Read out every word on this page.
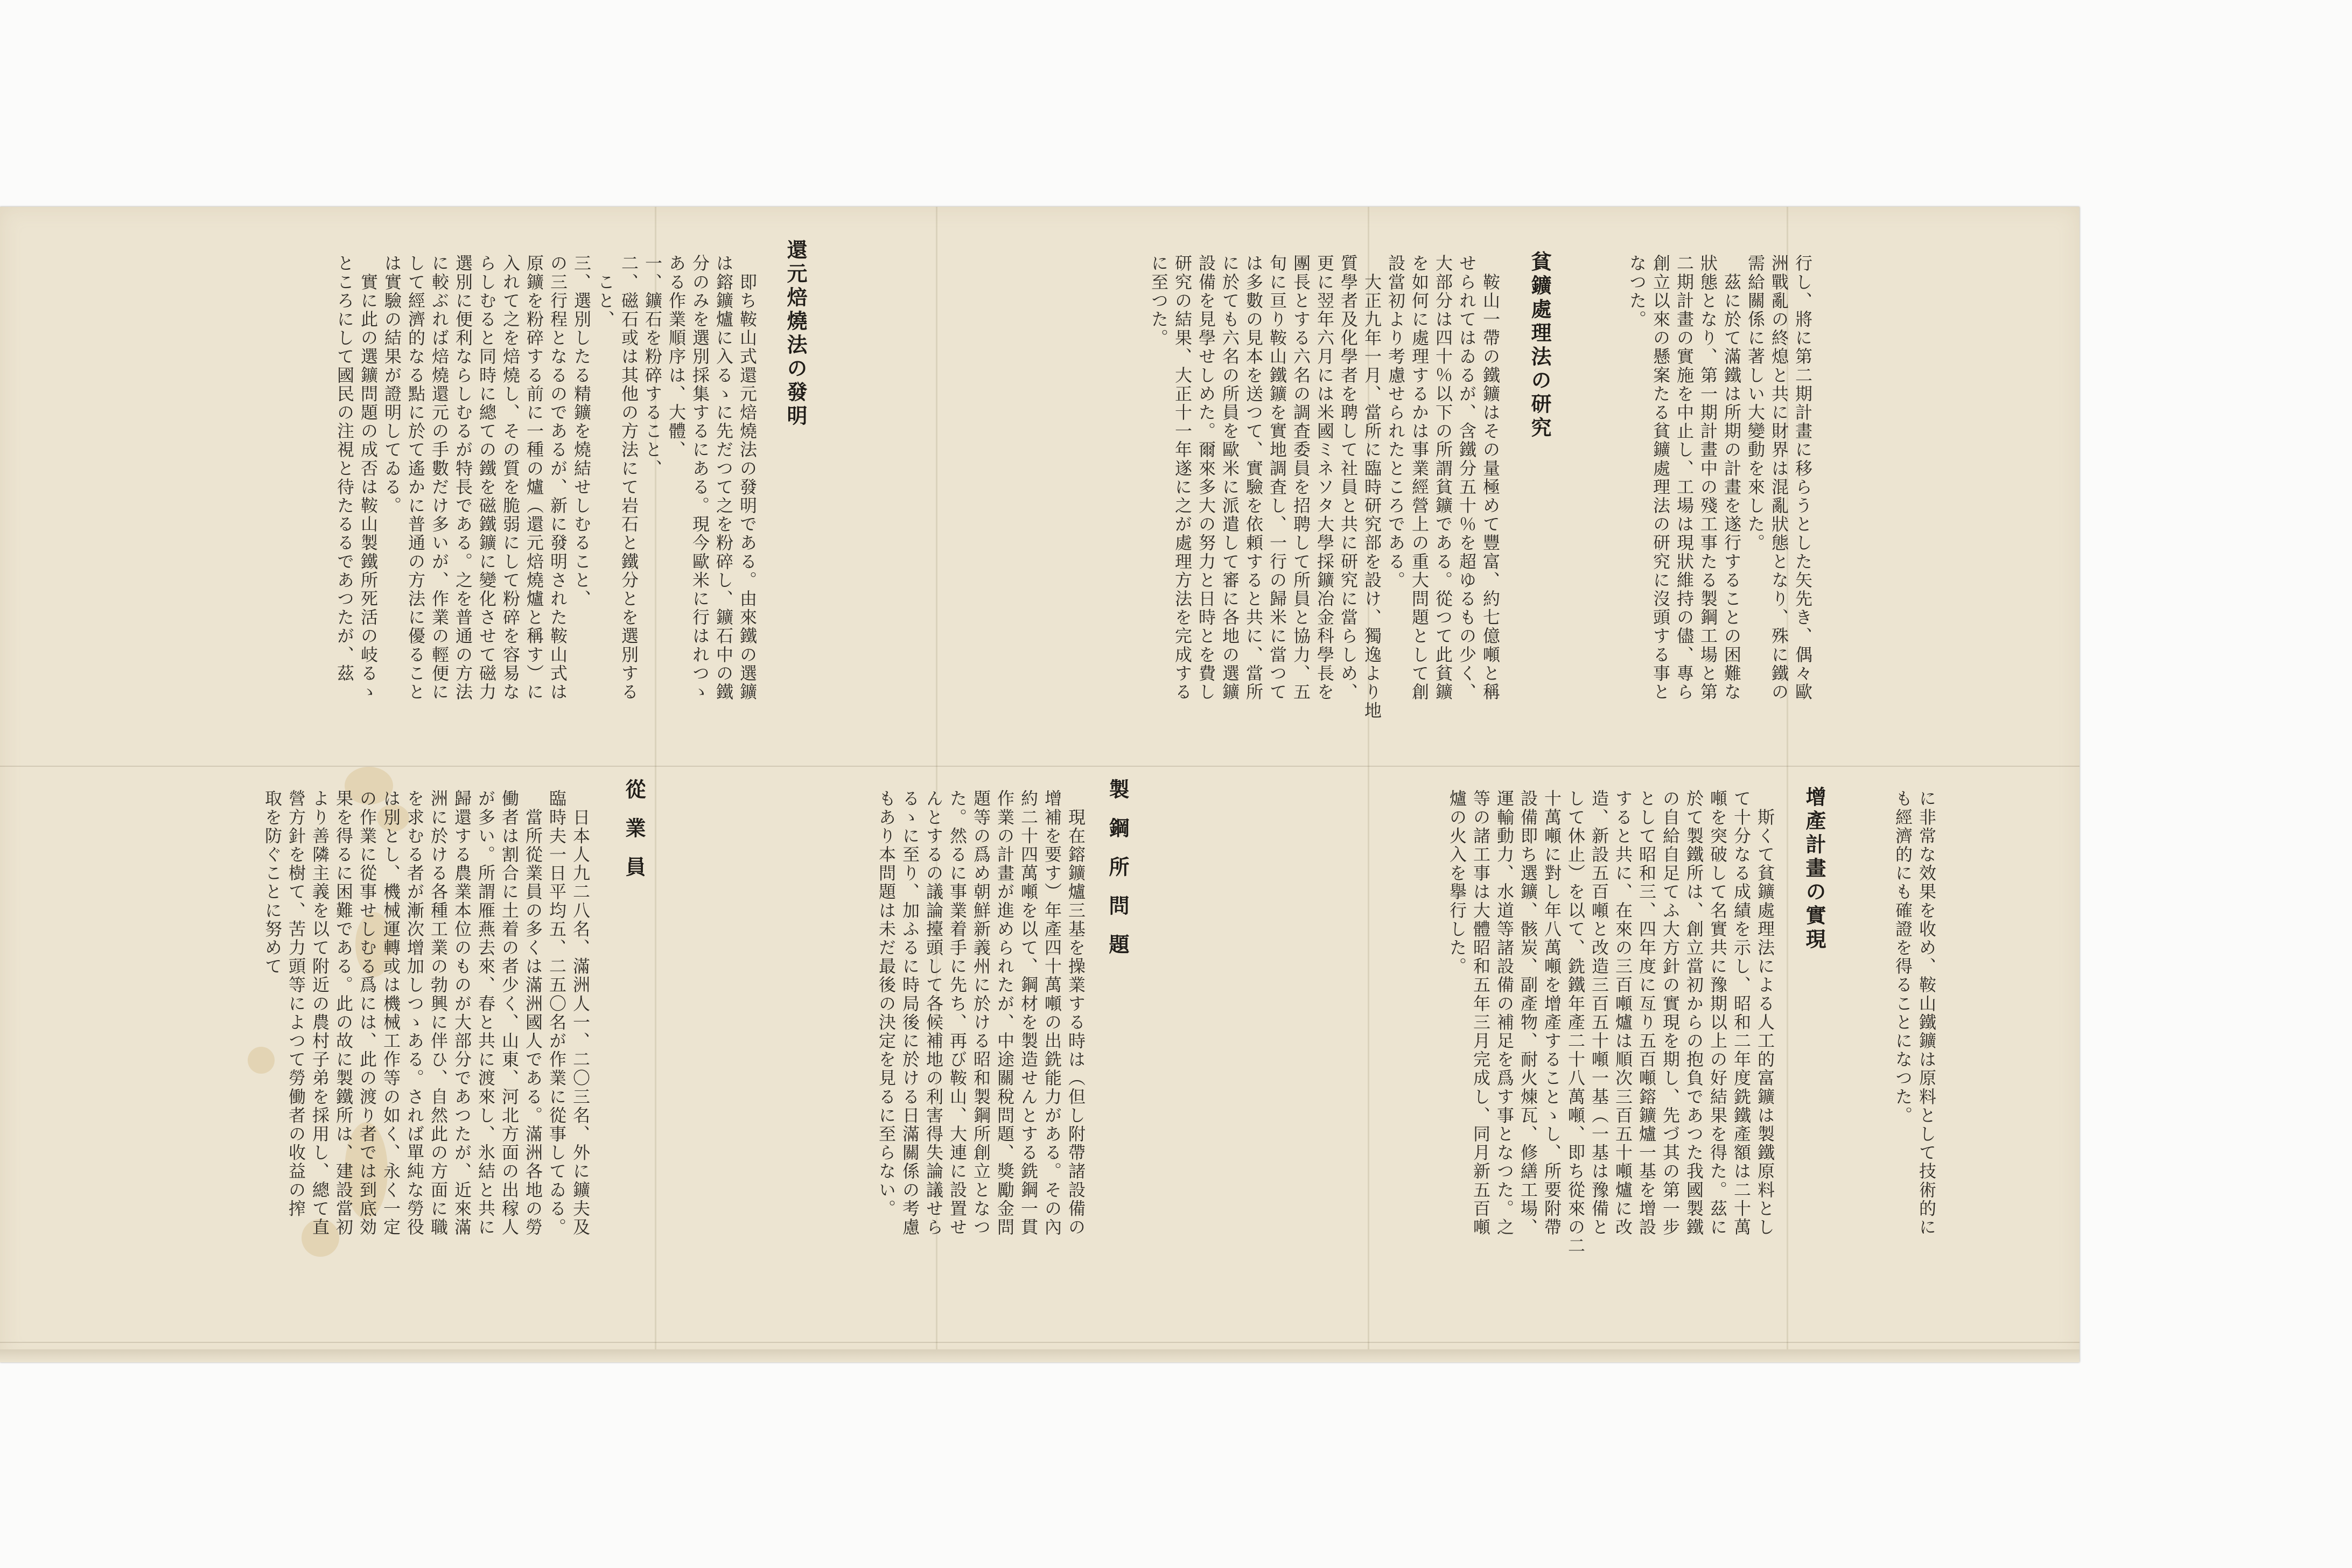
行し、將に第二期計畫に移らうとした矢先き、偶々歐
洲戰亂の終熄と共に財界は混亂狀態となり、殊に鐵の
需給關係に著しい大變動を來した。
　茲に於て滿鐵は所期の計畫を遂行することの困難な
狀態となり、第一期計畫中の殘工事たる製鋼工場と第
二期計畫の實施を中止し、工場は現狀維持の儘、專ら
創立以來の懸案たる貧鑛處理法の研究に沒頭する事と
なつた。
貧鑛處理法の研究
　鞍山一帶の鐵鑛はその量極めて豐富、約七億噸と稱
せられてはゐるが、含鐵分五十％を超ゆるもの少く、
大部分は四十％以下の所謂貧鑛である。從つて此貧鑛
を如何に處理するかは事業經營上の重大問題として創
設當初より考慮せられたところである。
　大正九年一月、當所に臨時研究部を設け、獨逸より地
質學者及化學者を聘して社員と共に研究に當らしめ、
更に翌年六月には米國ミネソタ大學採鑛冶金科學長を
團長とする六名の調査委員を招聘して所員と協力、五
旬に亘り鞍山鐵鑛を實地調査し、一行の歸米に當つて
は多數の見本を送つて、實驗を依頼すると共に、當所
に於ても六名の所員を歐米に派遣して審に各地の選鑛
設備を見學せしめた。爾來多大の努力と日時とを費し
研究の結果、大正十一年遂に之が處理方法を完成する
に至つた。
還元焙燒法の發明
　即ち鞍山式還元焙燒法の發明である。由來鐵の選鑛
は鎔鑛爐に入るゝに先だつて之を粉碎し、鑛石中の鐵
分のみを選別採集するにある。現今歐米に行はれつゝ
ある作業順序は、大體、
一、鑛石を粉碎すること、
二、磁石或は其他の方法にて岩石と鐵分とを選別する
　こと、
三、選別したる精鑛を燒結せしむること、
の三行程となるのであるが、新に發明された鞍山式は
原鑛を粉碎する前に一種の爐（還元焙燒爐と稱す）に
入れて之を焙燒し、その質を脆弱にして粉碎を容易な
らしむると同時に總ての鐵を磁鐵鑛に變化させて磁力
選別に便利ならしむるが特長である。之を普通の方法
に較ぶれば焙燒還元の手數だけ多いが、作業の輕便に
して經濟的なる點に於て遙かに普通の方法に優ること
は實驗の結果が證明してゐる。
　實に此の選鑛問題の成否は鞍山製鐵所死活の岐るゝ
ところにして國民の注視と待たるるであつたが、茲
に非常な效果を收め、鞍山鐵鑛は原料として技術的に
も經濟的にも確證を得ることになつた。
增產計畫の實現
　斯くて貧鑛處理法による人工的富鑛は製鐵原料とし
て十分なる成績を示し、昭和二年度銑鐵產額は二十萬
噸を突破して名實共に豫期以上の好結果を得た。茲に
於て製鐵所は、創立當初からの抱負であつた我國製鐵
の自給自足てふ大方針の實現を期し、先づ其の第一步
として昭和三、四年度に亙り五百噸鎔鑛爐一基を增設
すると共に、在來の三百噸爐は順次三百五十噸爐に改
造、新設五百噸と改造三百五十噸一基（一基は豫備と
して休止）を以て、銑鐵年產二十八萬噸、即ち從來の二
十萬噸に對し年八萬噸を增產することゝし、所要附帶
設備即ち選鑛、骸炭、副產物、耐火煉瓦、修繕工場、
運輸動力、水道等諸設備の補足を爲す事となつた。之
等の諸工事は大體昭和五年三月完成し、同月新五百噸
爐の火入を擧行した。
製鋼所問題
　現在鎔鑛爐三基を操業する時は（但し附帶諸設備の
增補を要す）年產四十萬噸の出銑能力がある。その內
約二十四萬噸を以て、鋼材を製造せんとする銑鋼一貫
作業の計畫が進められたが、中途關稅問題、獎勵金問
題等の爲め朝鮮新義州に於ける昭和製鋼所創立となつ
た。然るに事業着手に先ち、再び鞍山、大連に設置せ
んとするの議論擡頭して各候補地の利害得失論議せら
るゝに至り、加ふるに時局後に於ける日滿關係の考慮
もあり本問題は未だ最後の決定を見るに至らない。
從業員
　日本人九二八名、滿洲人一、二〇三名、外に鑛夫及
臨時夫一日平均五、二五〇名が作業に從事してゐる。
　當所從業員の多くは滿洲國人である。滿洲各地の勞
働者は割合に土着の者少く、山東、河北方面の出稼人
が多い。所謂雁燕去來、春と共に渡來し、氷結と共に
歸還する農業本位のものが大部分であつたが、近來滿
洲に於ける各種工業の勃興に伴ひ、自然此の方面に職
を求むる者が漸次增加しつゝある。されば單純な勞役
は別とし、機械運轉或は機械工作等の如く、永く一定
の作業に從事せしむる爲には、此の渡り者では到底効
果を得るに困難である。此の故に製鐵所は、建設當初
より善隣主義を以て附近の農村子弟を採用し、總て直
營方針を樹て、苦力頭等によつて勞働者の收益の搾
取を防ぐことに努めて
